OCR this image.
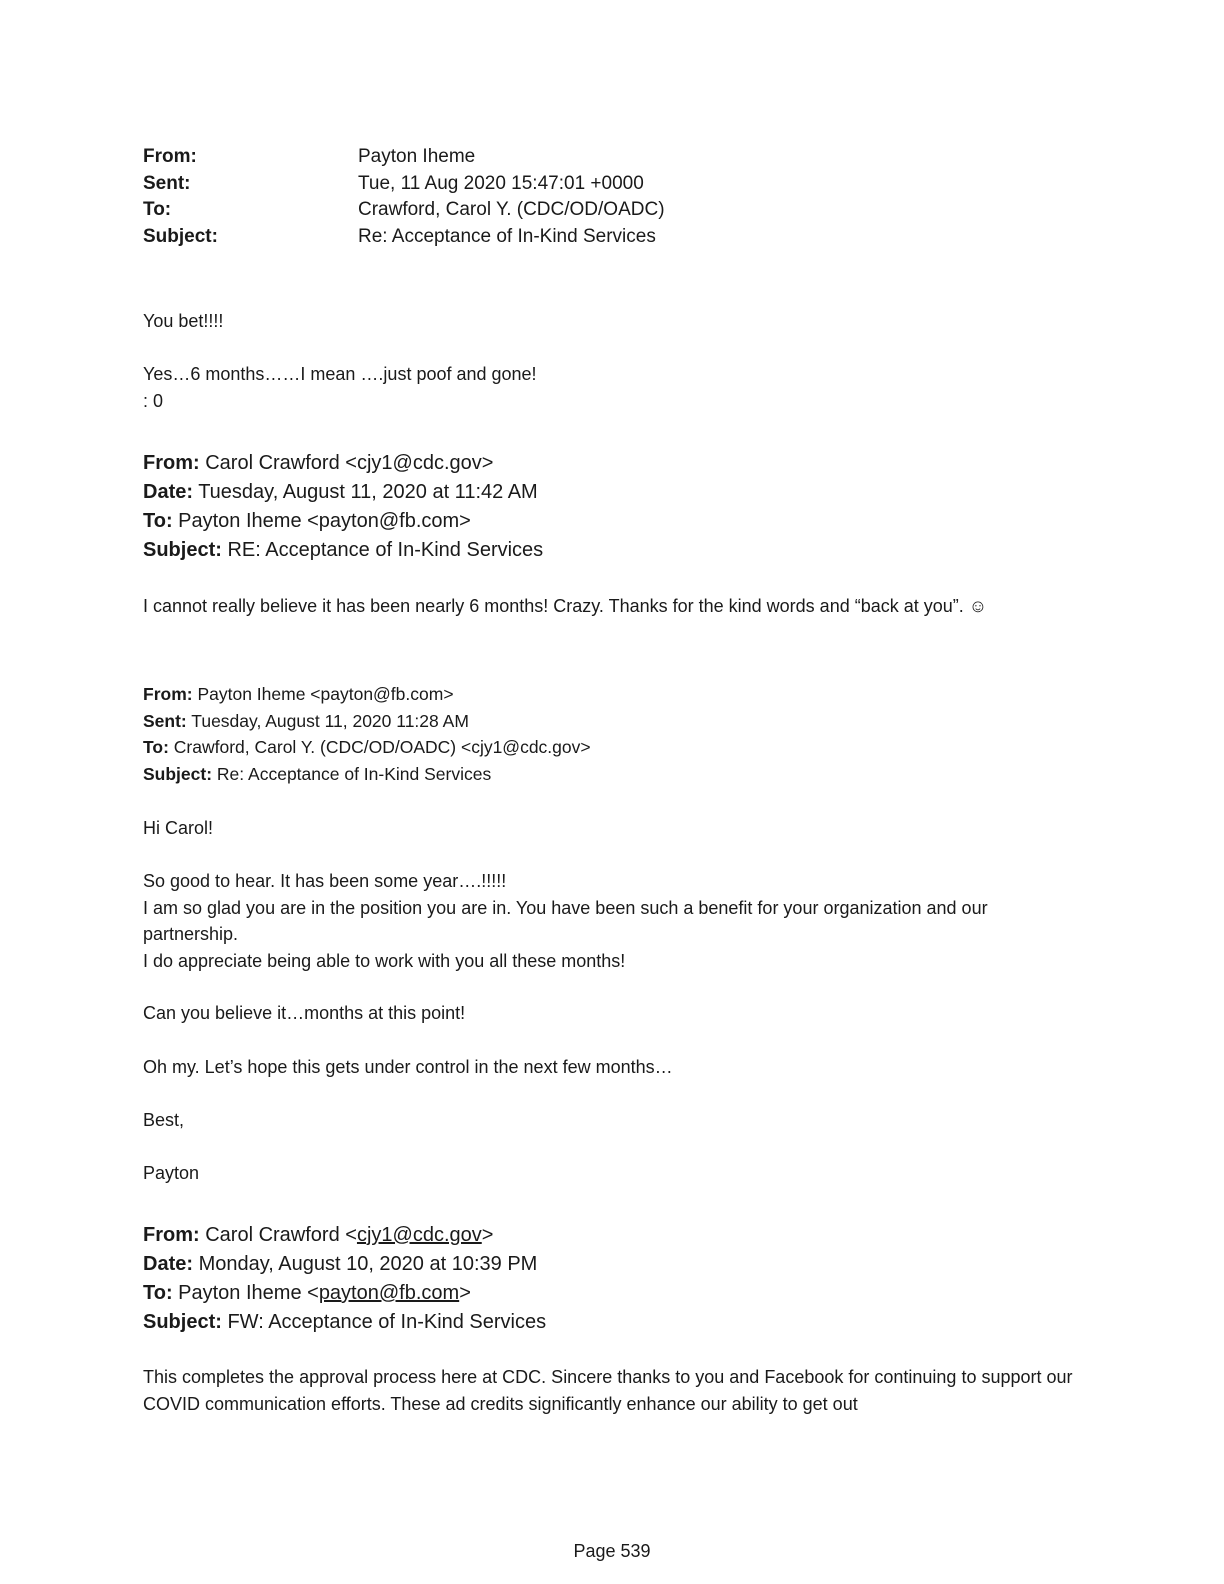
From:	Payton Iheme
Sent:	Tue, 11 Aug 2020 15:47:01 +0000
To:	Crawford, Carol Y. (CDC/OD/OADC)
Subject:	Re: Acceptance of In-Kind Services
You bet!!!!
Yes…6 months……I mean ….just poof and gone!
: 0
From: Carol Crawford <cjy1@cdc.gov>
Date: Tuesday, August 11, 2020 at 11:42 AM
To: Payton Iheme <payton@fb.com>
Subject: RE: Acceptance of In-Kind Services
I cannot really believe it has been nearly 6 months! Crazy. Thanks for the kind words and “back at you”. ☺
From: Payton Iheme <payton@fb.com>
Sent: Tuesday, August 11, 2020 11:28 AM
To: Crawford, Carol Y. (CDC/OD/OADC) <cjy1@cdc.gov>
Subject: Re: Acceptance of In-Kind Services
Hi Carol!

So good to hear. It has been some year….!!!!!

I am so glad you are in the position you are in. You have been such a benefit for your organization and our partnership.

I do appreciate being able to work with you all these months!

Can you believe it…months at this point!
Oh my. Let’s hope this gets under control in the next few months…
Best,
Payton
From: Carol Crawford <cjy1@cdc.gov>
Date: Monday, August 10, 2020 at 10:39 PM
To: Payton Iheme <payton@fb.com>
Subject: FW: Acceptance of In-Kind Services
This completes the approval process here at CDC. Sincere thanks to you and Facebook for continuing to support our COVID communication efforts. These ad credits significantly enhance our ability to get out
Page 539
